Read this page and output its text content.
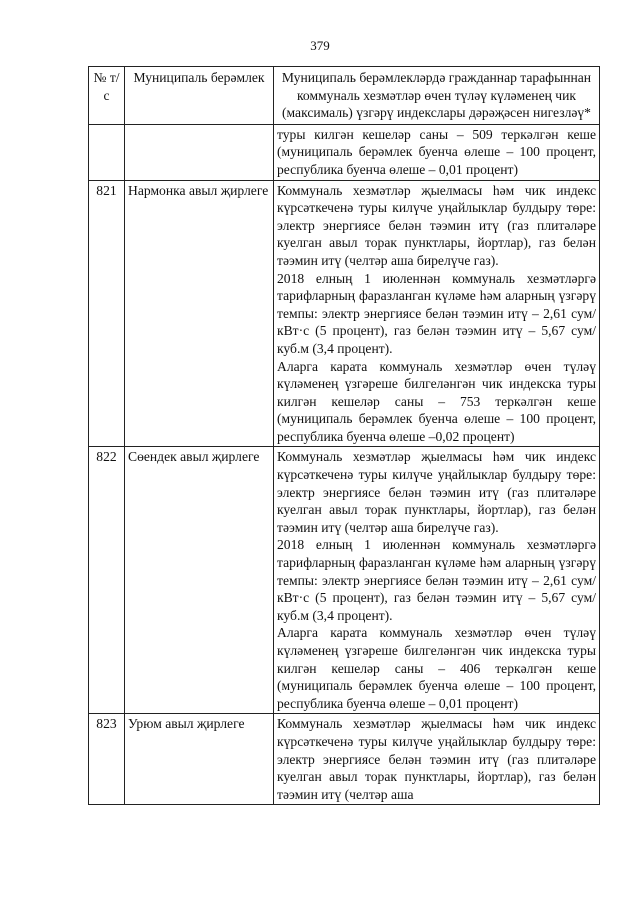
379
№ т/с	Муниципаль берәмлек	Муниципаль берәмлекләрдә гражданнар тарафыннан коммуналь хезмәтләр өчен түләү күләменең чик (максималь) үзгәрү индекслары дәрәҗәсен нигезләү*
		туры килгән кешеләр саны – 509 теркәлгән кеше (муниципаль берәмлек буенча өлеше – 100 процент, республика буенча өлеше – 0,01 процент)
821	Нармонка авыл җирлеге	Коммуналь хезмәтләр җыелмасы һәм чик индекс күрсәткеченә туры килүче уңайлыклар булдыру төре: электр энергиясе белән тәэмин итү (газ плитәләре куелган авыл торак пунктлары, йортлар), газ белән тәэмин итү (челтәр аша бирелүче газ).
2018 елның 1 июленнән коммуналь хезмәтләргә тарифларның фаразланган күләме һәм аларның үзгәрү темпы: электр энергиясе белән тәэмин итү – 2,61 сум/кВт·с (5 процент), газ белән тәэмин итү – 5,67 сум/куб.м (3,4 процент).
Аларга карата коммуналь хезмәтләр өчен түләү күләменең үзгәреше билгеләнгән чик индекска туры килгән кешеләр саны – 753 теркәлгән кеше (муниципаль берәмлек буенча өлеше – 100 процент, республика буенча өлеше –0,02 процент)

822	Сөендек авыл җирлеге	Коммуналь хезмәтләр җыелмасы һәм чик индекс күрсәткеченә туры килүче уңайлыклар булдыру төре: электр энергиясе белән тәэмин итү (газ плитәләре куелган авыл торак пунктлары, йортлар), газ белән тәэмин итү (челтәр аша бирелүче газ).
2018 елның 1 июленнән коммуналь хезмәтләргә тарифларның фаразланган күләме һәм аларның үзгәрү темпы: электр энергиясе белән тәэмин итү – 2,61 сум/кВт·с (5 процент), газ белән тәэмин итү – 5,67 сум/куб.м (3,4 процент).
Аларга карата коммуналь хезмәтләр өчен түләү күләменең үзгәреше билгеләнгән чик индекска туры килгән кешеләр саны – 406 теркәлгән кеше (муниципаль берәмлек буенча өлеше – 100 процент, республика буенча өлеше – 0,01 процент)

823	Урюм авыл җирлеге	Коммуналь хезмәтләр җыелмасы һәм чик индекс күрсәткеченә туры килүче уңайлыклар булдыру төре: электр энергиясе белән тәэмин итү (газ плитәләре куелган авыл торак пунктлары, йортлар), газ белән тәэмин итү (челтәр аша
